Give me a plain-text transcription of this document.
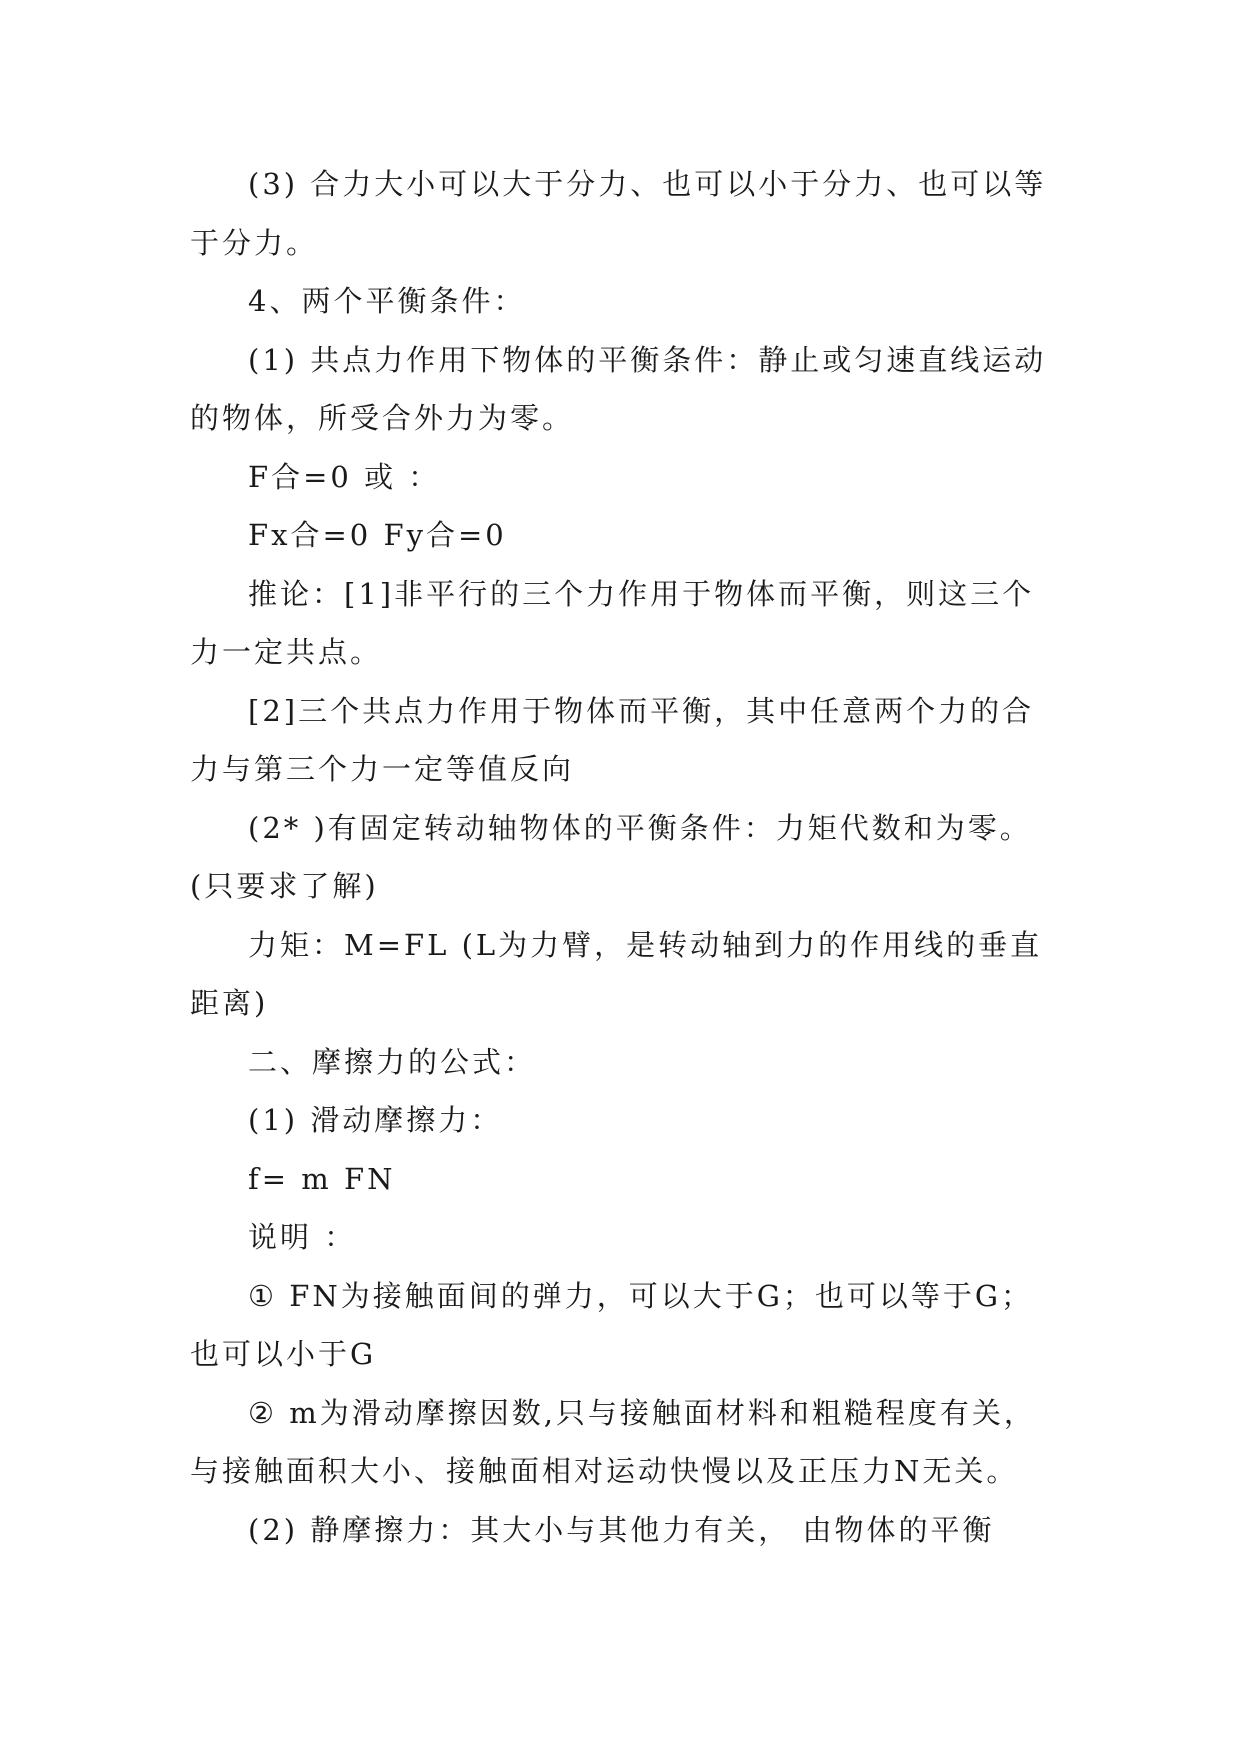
(3) 合力大小可以大于分力、也可以小于分力、也可以等于分力。

4、两个平衡条件：

(1) 共点力作用下物体的平衡条件：静止或匀速直线运动的物体，所受合外力为零。

F合=0 或 ：

Fx合=0 Fy合=0

推论：[1]非平行的三个力作用于物体而平衡，则这三个力一定共点。

[2]三个共点力作用于物体而平衡，其中任意两个力的合力与第三个力一定等值反向

(2* )有固定转动轴物体的平衡条件：力矩代数和为零。(只要求了解)

力矩：M=FL (L为力臂，是转动轴到力的作用线的垂直距离)

二、摩擦力的公式：

(1) 滑动摩擦力：

f= m FN

说明 ：

① FN为接触面间的弹力，可以大于G；也可以等于G；也可以小于G

② m为滑动摩擦因数,只与接触面材料和粗糙程度有关，与接触面积大小、接触面相对运动快慢以及正压力N无关。

(2) 静摩擦力：其大小与其他力有关， 由物体的平衡
